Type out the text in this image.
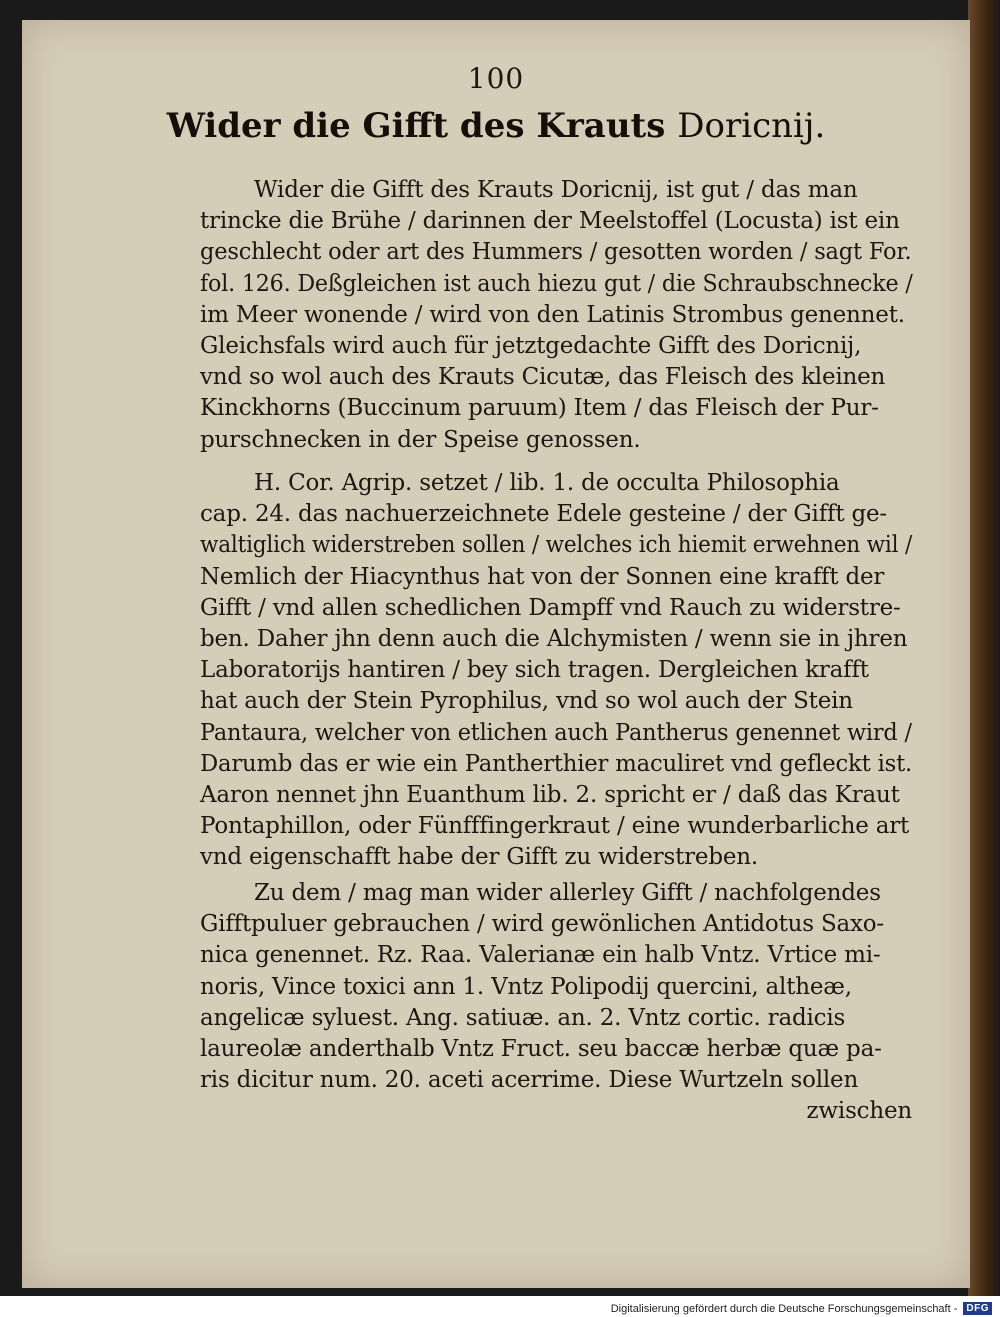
100
Wider die Gifft des Krauts Doricnij.
Wider die Gifft des Krauts Doricnij, ist gut / das man
trincke die Brühe / darinnen der Meelstoffel (Locusta) ist ein
geschlecht oder art des Hummers / gesotten worden / sagt For.
fol. 126. Deßgleichen ist auch hiezu gut / die Schraubschnecke /
im Meer wonende / wird von den Latinis Strombus genennet.
Gleichsfals wird auch für jetztgedachte Gifft des Doricnij,
vnd so wol auch des Krauts Cicutæ, das Fleisch des kleinen
Kinckhorns (Buccinum paruum) Item / das Fleisch der Pur-
purschnecken in der Speise genossen.
H. Cor. Agrip. setzet / lib. 1. de occulta Philosophia
cap. 24. das nachuerzeichnete Edele gesteine / der Gifft ge-
waltiglich widerstreben sollen / welches ich hiemit erwehnen wil /
Nemlich der Hiacynthus hat von der Sonnen eine krafft der
Gifft / vnd allen schedlichen Dampff vnd Rauch zu widerstre-
ben. Daher jhn denn auch die Alchymisten / wenn sie in jhren
Laboratorijs hantiren / bey sich tragen. Dergleichen krafft
hat auch der Stein Pyrophilus, vnd so wol auch der Stein
Pantaura, welcher von etlichen auch Pantherus genennet wird /
Darumb das er wie ein Pantherthier maculiret vnd gefleckt ist.
Aaron nennet jhn Euanthum lib. 2. spricht er / daß das Kraut
Pontaphillon, oder Fünfffingerkraut / eine wunderbarliche art
vnd eigenschafft habe der Gifft zu widerstreben.
Zu dem / mag man wider allerley Gifft / nachfolgendes
Gifftpuluer gebrauchen / wird gewönlichen Antidotus Saxo-
nica genennet. Rz. Raa. Valerianæ ein halb Vntz. Vrtice mi-
noris, Vince toxici ann 1. Vntz Polipodij quercini, altheæ,
angelicæ syluest. Ang. satiuæ. an. 2. Vntz cortic. radicis
laureolæ anderthalb Vntz Fruct. seu baccæ herbæ quæ pa-
ris dicitur num. 20. aceti acerrime. Diese Wurtzeln sollen
zwischen
Digitalisierung gefördert durch die Deutsche Forschungsgemeinschaft - DFG
